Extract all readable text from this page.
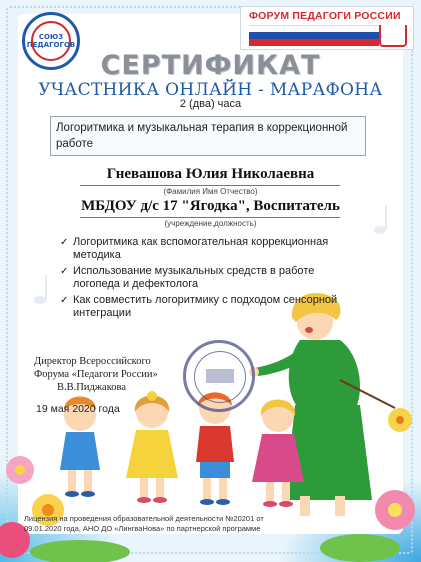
СОЮЗ ПЕДАГОГОВ
ФОРУМ ПЕДАГОГИ РОССИИ
СЕРТИФИКАТ
УЧАСТНИКА ОНЛАЙН - МАРАФОНА
2 (два) часа
Логоритмика и музыкальная терапия в коррекционной работе
Гневашова Юлия Николаевна
(Фамилия Имя Отчество)
МБДОУ д/с 17 "Ягодка", Воспитатель
(учреждение,должность)
✓ Логоритмика как вспомогательная коррекционная методика
✓ Использование музыкальных средств в работе логопеда и дефектолога
✓ Как совместить логоритмику с подходом сенсорной интеграции
Директор Всероссийского Форума «Педагоги России»
В.В.Пиджакова
19 мая 2020 года
Лицензия на проведения образовательной деятельности №20201 от 09.01.2020 года, АНО ДО «ЛингваНова» по партнерской программе
